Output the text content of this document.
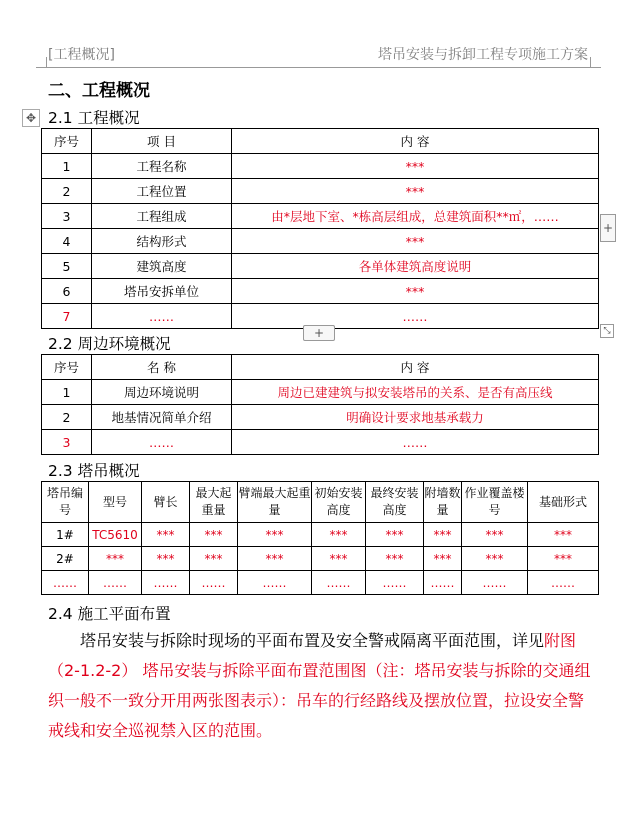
[工程概况]	塔吊安装与拆卸工程专项施工方案
二、工程概况
✥ 2.1 工程概况
序号	项 目	内 容
1	工程名称	***
2	工程位置	***
3	工程组成	由*层地下室、*栋高层组成，总建筑面积**㎡，……
4	结构形式	***
5	建筑高度	各单体建筑高度说明
6	塔吊安拆单位	***
7	……	……
+
+	⤡
2.2 周边环境概况
序号	名 称	内 容
1	周边环境说明	周边已建建筑与拟安装塔吊的关系、是否有高压线
2	地基情况简单介绍	明确设计要求地基承载力
3	……	……
2.3 塔吊概况
塔吊编号	型号	臂长	最大起重量	臂端最大起重量	初始安装高度	最终安装高度	附墙数量	作业覆盖楼号	基础形式
1#	TC5610	***	***	***	***	***	***	***	***
2#	***	***	***	***	***	***	***	***	***
……	……	……	……	……	……	……	……	……	……
2.4 施工平面布置
塔吊安装与拆除时现场的平面布置及安全警戒隔离平面范围，详见附图（2-1.2-2） 塔吊安装与拆除平面布置范围图（注：塔吊安装与拆除的交通组织一般不一致分开用两张图表示）：吊车的行经路线及摆放位置，拉设安全警戒线和安全巡视禁入区的范围。
